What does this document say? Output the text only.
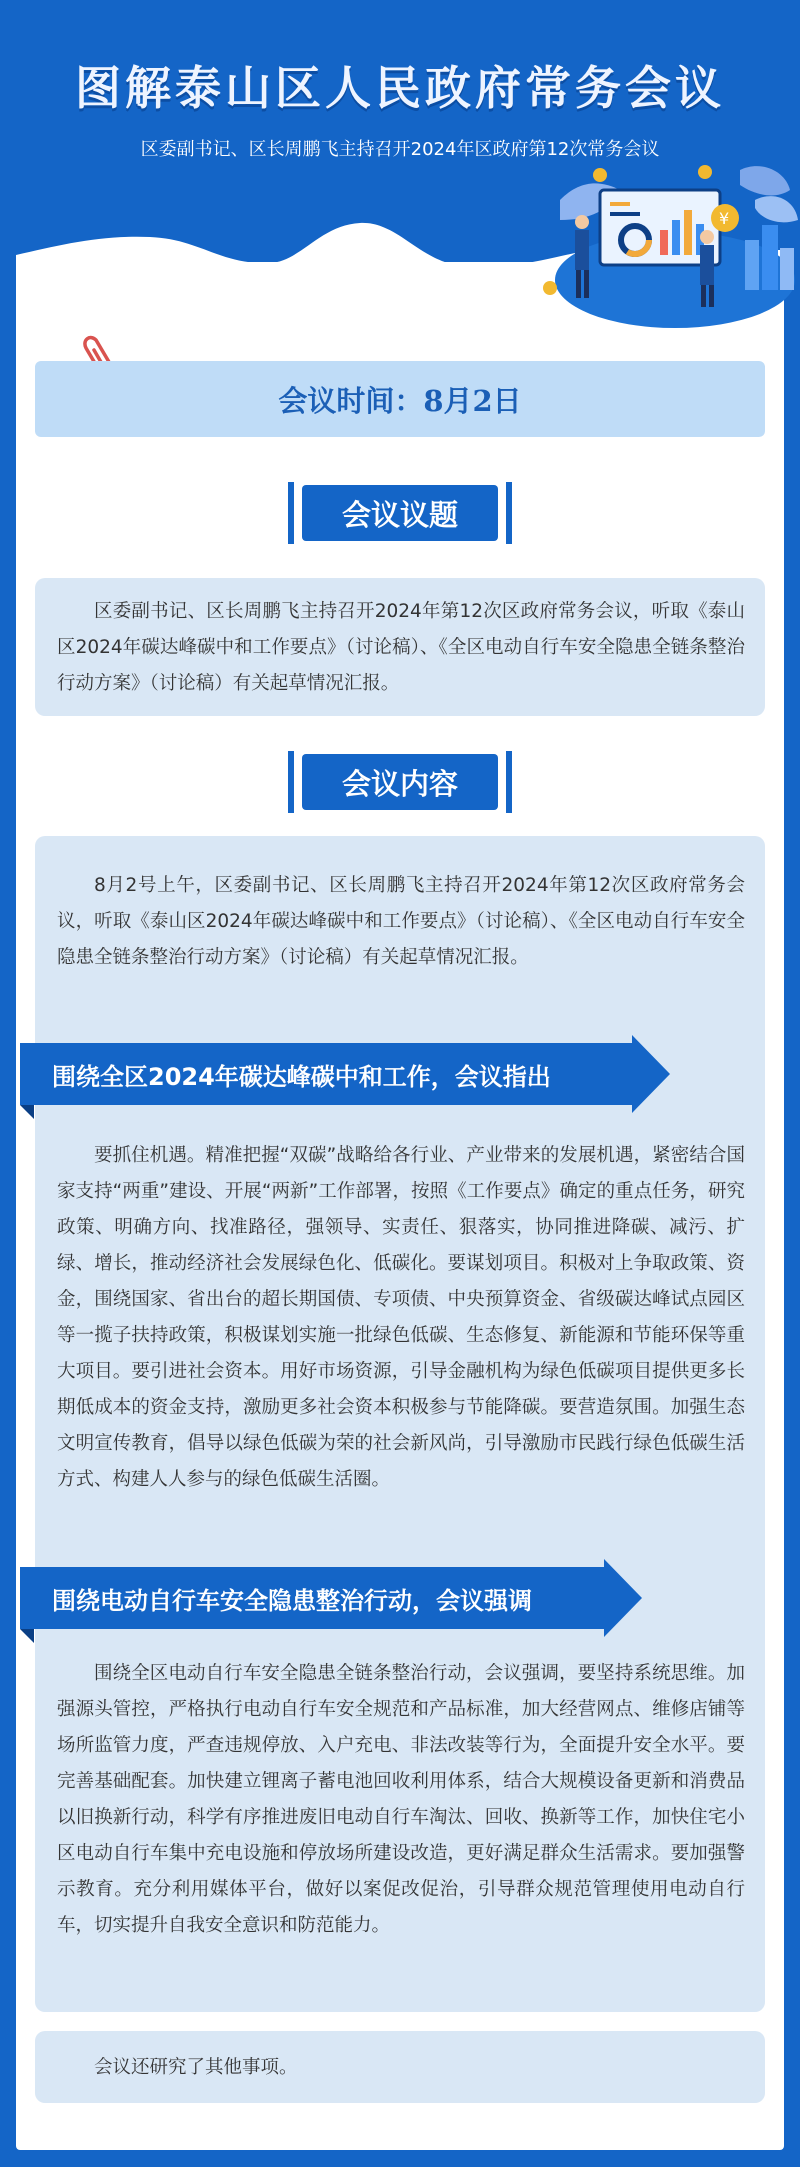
图解泰山区人民政府常务会议
区委副书记、区长周鹏飞主持召开2024年区政府第12次常务会议
¥
会议时间：8月2日
会议议题

区委副书记、区长周鹏飞主持召开2024年第12次区政府常务会议，听取《泰山区2024年碳达峰碳中和工作要点》（讨论稿）、《全区电动自行车安全隐患全链条整治行动方案》（讨论稿）有关起草情况汇报。

会议内容

8月2号上午，区委副书记、区长周鹏飞主持召开2024年第12次区政府常务会议，听取《泰山区2024年碳达峰碳中和工作要点》（讨论稿）、《全区电动自行车安全隐患全链条整治行动方案》（讨论稿）有关起草情况汇报。

围绕全区2024年碳达峰碳中和工作，会议指出

要抓住机遇。精准把握“双碳”战略给各行业、产业带来的发展机遇，紧密结合国家支持“两重”建设、开展“两新”工作部署，按照《工作要点》确定的重点任务，研究政策、明确方向、找准路径，强领导、实责任、狠落实，协同推进降碳、减污、扩绿、增长，推动经济社会发展绿色化、低碳化。要谋划项目。积极对上争取政策、资金，围绕国家、省出台的超长期国债、专项债、中央预算资金、省级碳达峰试点园区等一揽子扶持政策，积极谋划实施一批绿色低碳、生态修复、新能源和节能环保等重大项目。要引进社会资本。用好市场资源，引导金融机构为绿色低碳项目提供更多长期低成本的资金支持，激励更多社会资本积极参与节能降碳。要营造氛围。加强生态文明宣传教育，倡导以绿色低碳为荣的社会新风尚，引导激励市民践行绿色低碳生活方式、构建人人参与的绿色低碳生活圈。

围绕电动自行车安全隐患整治行动，会议强调

围绕全区电动自行车安全隐患全链条整治行动，会议强调，要坚持系统思维。加强源头管控，严格执行电动自行车安全规范和产品标准，加大经营网点、维修店铺等场所监管力度，严查违规停放、入户充电、非法改装等行为，全面提升安全水平。要完善基础配套。加快建立锂离子蓄电池回收利用体系，结合大规模设备更新和消费品以旧换新行动，科学有序推进废旧电动自行车淘汰、回收、换新等工作，加快住宅小区电动自行车集中充电设施和停放场所建设改造，更好满足群众生活需求。要加强警示教育。充分利用媒体平台，做好以案促改促治，引导群众规范管理使用电动自行车，切实提升自我安全意识和防范能力。

会议还研究了其他事项。
